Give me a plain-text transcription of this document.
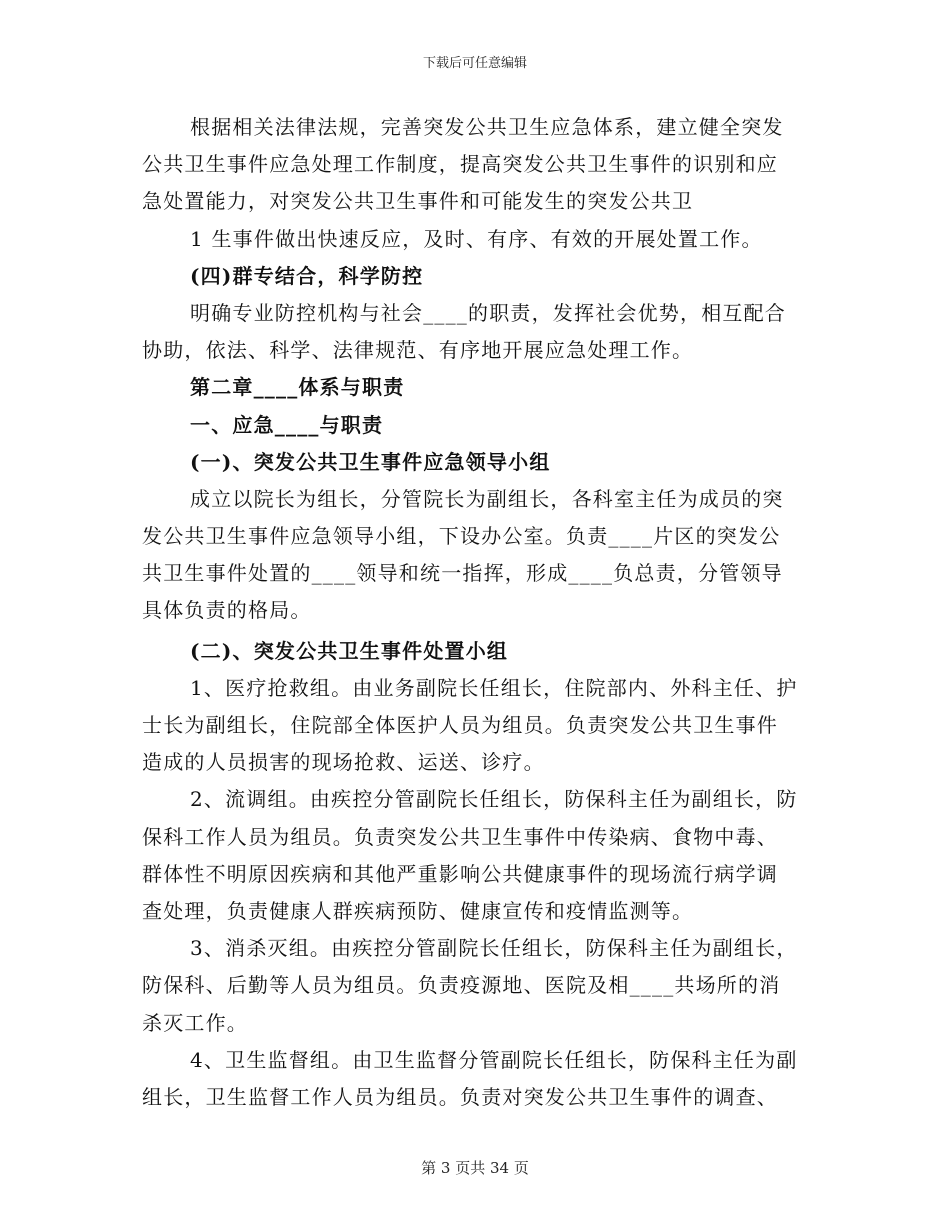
下载后可任意编辑
根据相关法律法规，完善突发公共卫生应急体系，建立健全突发
公共卫生事件应急处理工作制度，提高突发公共卫生事件的识别和应
急处置能力，对突发公共卫生事件和可能发生的突发公共卫
1 生事件做出快速反应，及时、有序、有效的开展处置工作。
(四)群专结合，科学防控
明确专业防控机构与社会____的职责，发挥社会优势，相互配合
协助，依法、科学、法律规范、有序地开展应急处理工作。
第二章____体系与职责
一、应急____与职责
(一)、突发公共卫生事件应急领导小组
成立以院长为组长，分管院长为副组长，各科室主任为成员的突
发公共卫生事件应急领导小组，下设办公室。负责____片区的突发公
共卫生事件处置的____领导和统一指挥，形成____负总责，分管领导
具体负责的格局。
(二)、突发公共卫生事件处置小组
1、医疗抢救组。由业务副院长任组长，住院部内、外科主任、护
士长为副组长，住院部全体医护人员为组员。负责突发公共卫生事件
造成的人员损害的现场抢救、运送、诊疗。
2、流调组。由疾控分管副院长任组长，防保科主任为副组长，防
保科工作人员为组员。负责突发公共卫生事件中传染病、食物中毒、
群体性不明原因疾病和其他严重影响公共健康事件的现场流行病学调
查处理，负责健康人群疾病预防、健康宣传和疫情监测等。
3、消杀灭组。由疾控分管副院长任组长，防保科主任为副组长，
防保科、后勤等人员为组员。负责疫源地、医院及相____共场所的消
杀灭工作。
4、卫生监督组。由卫生监督分管副院长任组长，防保科主任为副
组长，卫生监督工作人员为组员。负责对突发公共卫生事件的调查、
第 3 页共 34 页
